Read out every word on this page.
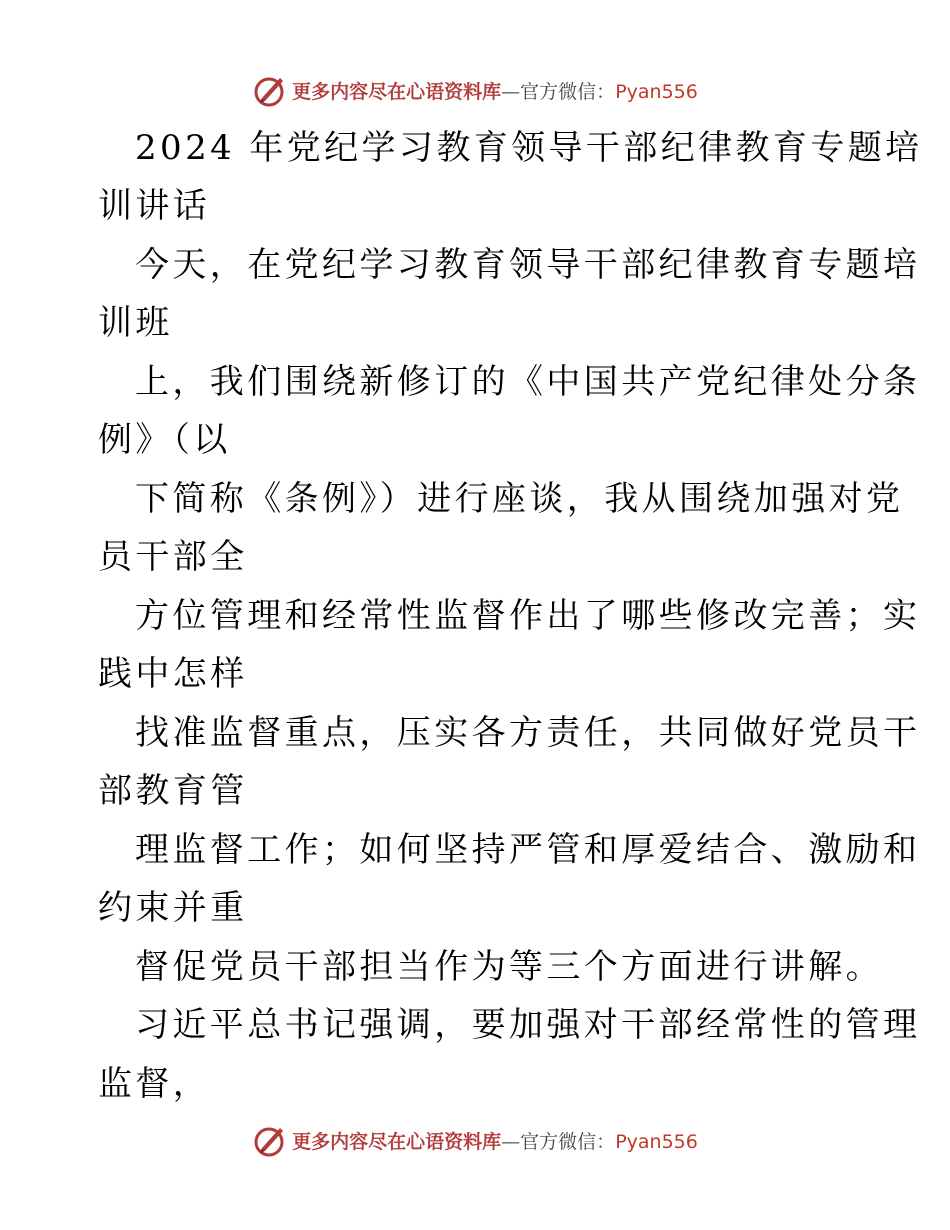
更多内容尽在心语资料库 — 官方微信： Pyan556
2024 年党纪学习教育领导干部纪律教育专题培
训讲话
今天，在党纪学习教育领导干部纪律教育专题培
训班
上，我们围绕新修订的《中国共产党纪律处分条
例》（以
下简称《条例》）进行座谈，我从围绕加强对党
员干部全
方位管理和经常性监督作出了哪些修改完善；实
践中怎样
找准监督重点，压实各方责任，共同做好党员干
部教育管
理监督工作；如何坚持严管和厚爱结合、激励和
约束并重
督促党员干部担当作为等三个方面进行讲解。
习近平总书记强调，要加强对干部经常性的管理
监督，
更多内容尽在心语资料库 — 官方微信： Pyan556
